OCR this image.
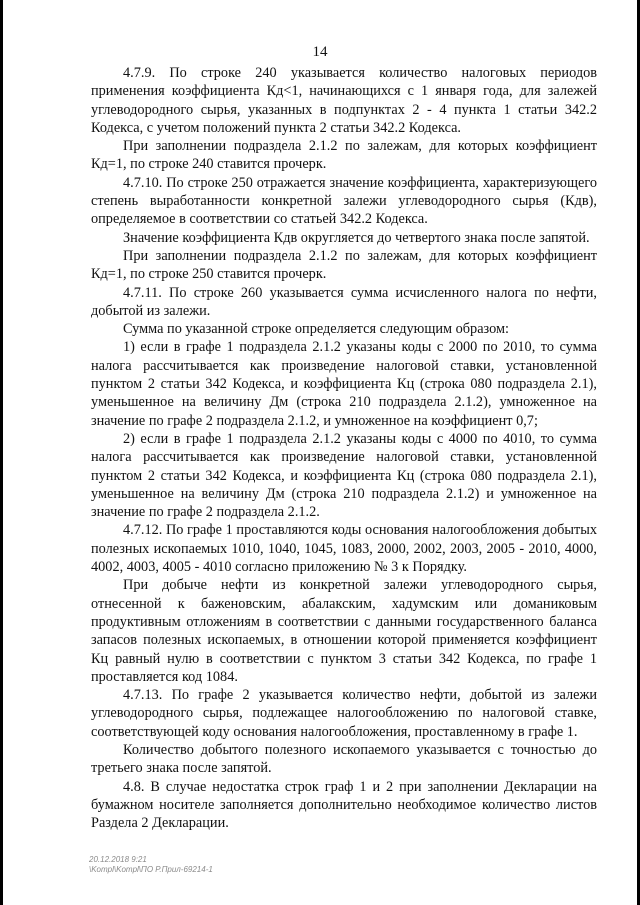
14

4.7.9. По строке 240 указывается количество налоговых периодов применения коэффициента Кд<1, начинающихся с 1 января года, для залежей углеводородного сырья, указанных в подпунктах 2 - 4 пункта 1 статьи 342.2 Кодекса, с учетом положений пункта 2 статьи 342.2 Кодекса.

При заполнении подраздела 2.1.2 по залежам, для которых коэффициент Кд=1, по строке 240 ставится прочерк.

4.7.10. По строке 250 отражается значение коэффициента, характеризующего степень выработанности конкретной залежи углеводородного сырья (Кдв), определяемое в соответствии со статьей 342.2 Кодекса.

Значение коэффициента Кдв округляется до четвертого знака после запятой.

При заполнении подраздела 2.1.2 по залежам, для которых коэффициент Кд=1, по строке 250 ставится прочерк.

4.7.11. По строке 260 указывается сумма исчисленного налога по нефти, добытой из залежи.

Сумма по указанной строке определяется следующим образом:

1) если в графе 1 подраздела 2.1.2 указаны коды с 2000 по 2010, то сумма налога рассчитывается как произведение налоговой ставки, установленной пунктом 2 статьи 342 Кодекса, и коэффициента Кц (строка 080 подраздела 2.1), уменьшенное на величину Дм (строка 210 подраздела 2.1.2), умноженное на значение по графе 2 подраздела 2.1.2, и умноженное на коэффициент 0,7;

2) если в графе 1 подраздела 2.1.2 указаны коды с 4000 по 4010, то сумма налога рассчитывается как произведение налоговой ставки, установленной пунктом 2 статьи 342 Кодекса, и коэффициента Кц (строка 080 подраздела 2.1), уменьшенное на величину Дм (строка 210 подраздела 2.1.2) и умноженное на значение по графе 2 подраздела 2.1.2.

4.7.12. По графе 1 проставляются коды основания налогообложения добытых полезных ископаемых 1010, 1040, 1045, 1083, 2000, 2002, 2003, 2005 - 2010, 4000, 4002, 4003, 4005 - 4010 согласно приложению № 3 к Порядку.

При добыче нефти из конкретной залежи углеводородного сырья, отнесенной к баженовским, абалакским, хадумским или доманиковым продуктивным отложениям в соответствии с данными государственного баланса запасов полезных ископаемых, в отношении которой применяется коэффициент Кц равный нулю в соответствии с пунктом 3 статьи 342 Кодекса, по графе 1 проставляется код 1084.

4.7.13. По графе 2 указывается количество нефти, добытой из залежи углеводородного сырья, подлежащее налогообложению по налоговой ставке, соответствующей коду основания налогообложения, проставленному в графе 1.

Количество добытого полезного ископаемого указывается с точностью до третьего знака после запятой.

4.8. В случае недостатка строк граф 1 и 2 при заполнении Декларации на бумажном носителе заполняется дополнительно необходимое количество листов Раздела 2 Декларации.

20.12.2018 9:21
\Kompl\Kompl\ПО Р.Прил-69214-1
